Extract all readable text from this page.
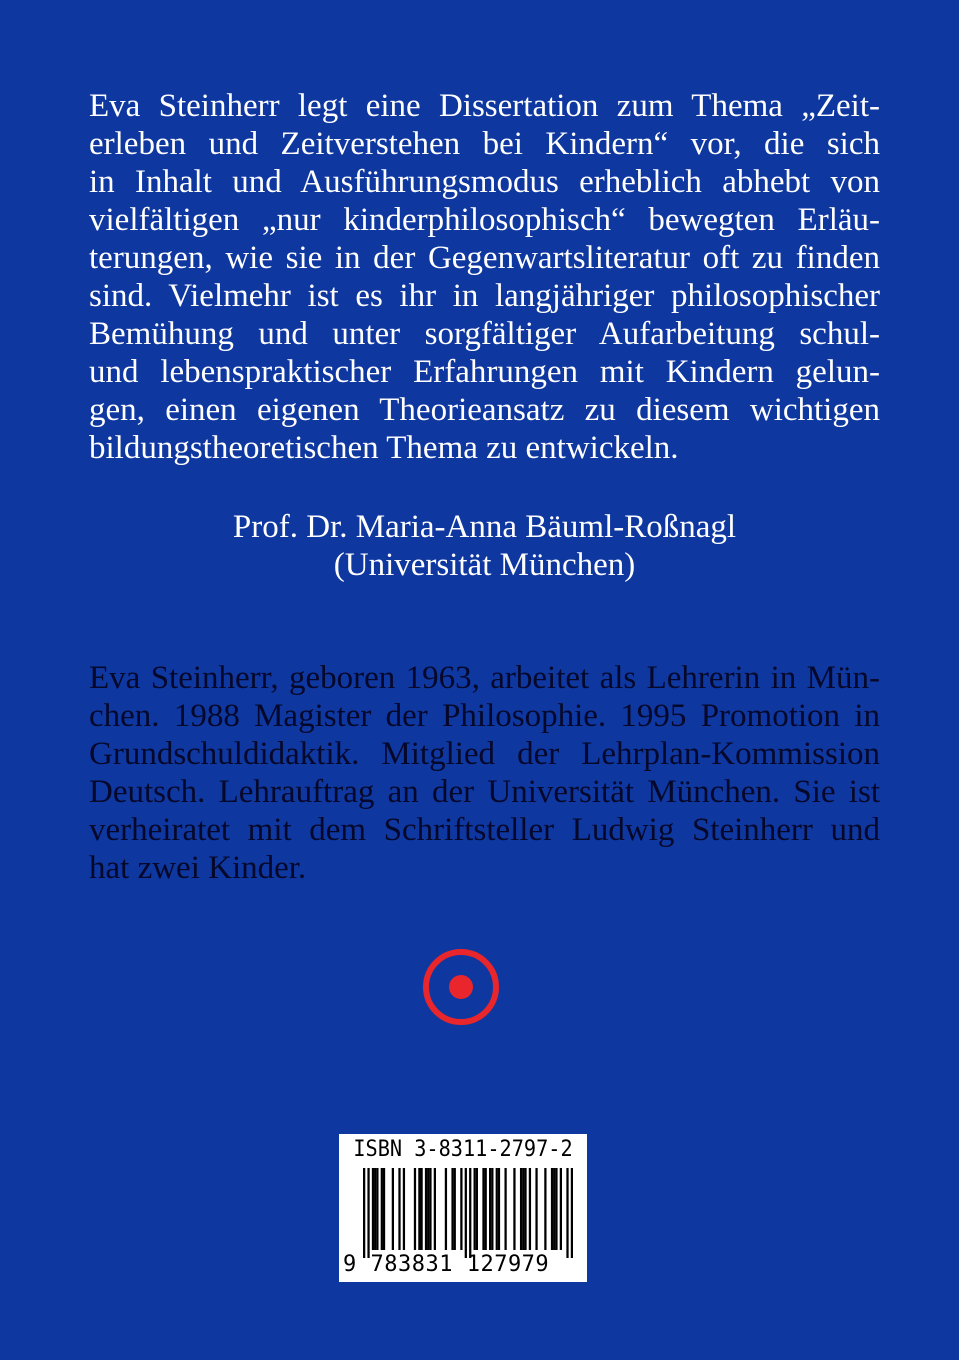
Eva Steinherr legt eine Dissertation zum Thema „Zeit-
erleben und Zeitverstehen bei Kindern“ vor, die sich
in Inhalt und Ausführungsmodus erheblich abhebt von
vielfältigen „nur kinderphilosophisch“ bewegten Erläu-
terungen, wie sie in der Gegenwartsliteratur oft zu finden
sind. Vielmehr ist es ihr in langjähriger philosophischer
Bemühung und unter sorgfältiger Aufarbeitung schul-
und lebenspraktischer Erfahrungen mit Kindern gelun-
gen, einen eigenen Theorieansatz zu diesem wichtigen
bildungstheoretischen Thema zu entwickeln.
Prof. Dr. Maria-Anna Bäuml-Roßnagl
(Universität München)
Eva Steinherr, geboren 1963, arbeitet als Lehrerin in Mün-
chen. 1988 Magister der Philosophie. 1995 Promotion in
Grundschuldidaktik. Mitglied der Lehrplan-Kommission
Deutsch. Lehrauftrag an der Universität München. Sie ist
verheiratet mit dem Schriftsteller Ludwig Steinherr und
hat zwei Kinder.
ISBN 3-8311-2797-2
9 783831 127979
